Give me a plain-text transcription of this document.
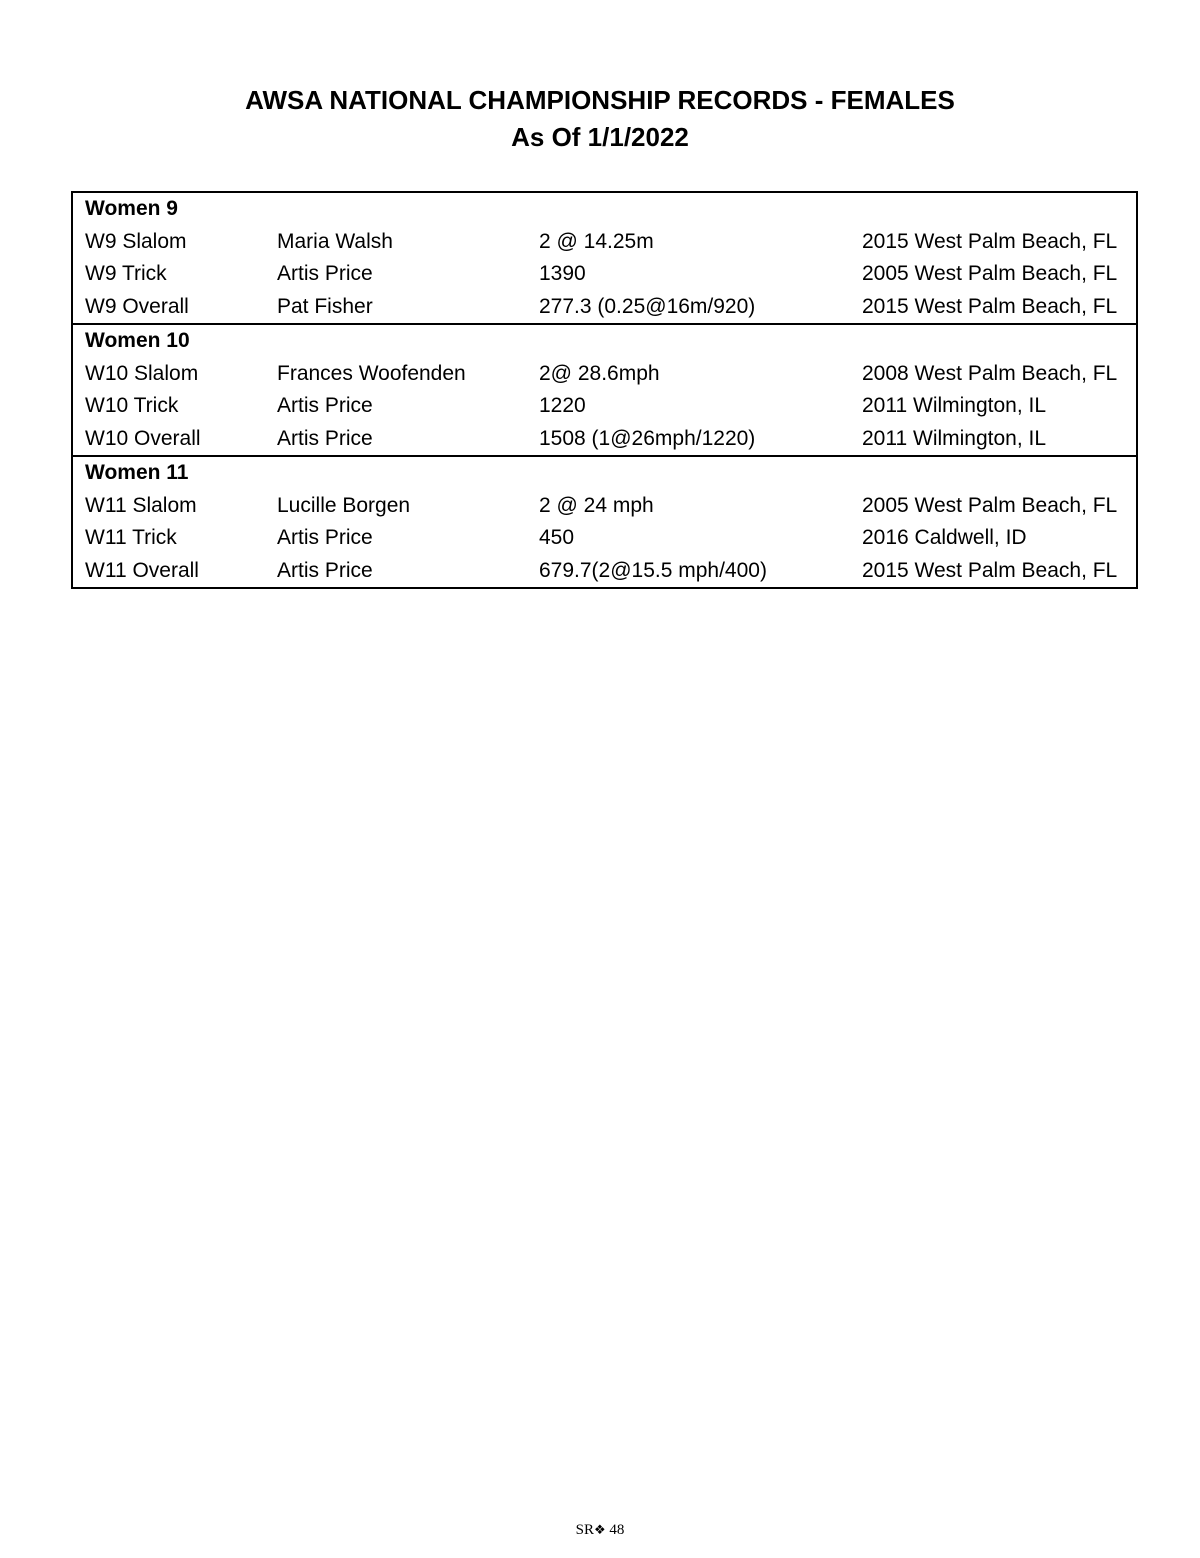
AWSA NATIONAL CHAMPIONSHIP RECORDS - FEMALES
As Of 1/1/2022
Women 9
W9 Slalom	Maria Walsh	2 @ 14.25m	2015 West Palm Beach, FL
W9 Trick	Artis Price	1390	2005 West Palm Beach, FL
W9 Overall	Pat Fisher	277.3 (0.25@16m/920)	2015 West Palm Beach, FL
Women 10
W10 Slalom	Frances Woofenden	2@ 28.6mph	2008 West Palm Beach, FL
W10 Trick	Artis Price	1220	2011 Wilmington, IL
W10 Overall	Artis Price	1508 (1@26mph/1220)	2011 Wilmington, IL
Women 11
W11 Slalom	Lucille Borgen	2 @ 24 mph	2005 West Palm Beach, FL
W11 Trick	Artis Price	450	2016 Caldwell, ID
W11 Overall	Artis Price	679.7(2@15.5 mph/400)	2015 West Palm Beach, FL
SR❖ 48
